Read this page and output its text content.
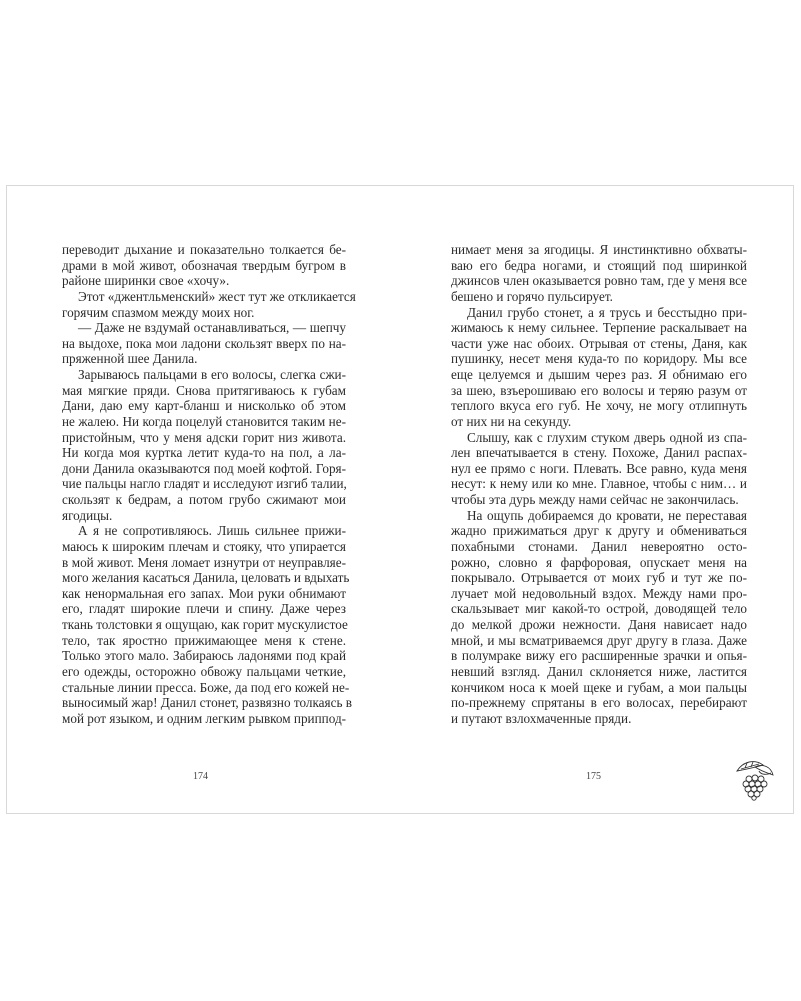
переводит дыхание и показательно толкается бе-
драми в мой живот, обозначая твердым бугром в
районе ширинки свое «хочу».
Этот «джентльменский» жест тут же откликается
горячим спазмом между моих ног.
— Даже не вздумай останавливаться, — шепчу
на выдохе, пока мои ладони скользят вверх по на-
пряженной шее Данила.
Зарываюсь пальцами в его волосы, слегка сжи-
мая мягкие пряди. Снова притягиваюсь к губам
Дани, даю ему карт-бланш и нисколько об этом
не жалею. Ни когда поцелуй становится таким не-
пристойным, что у меня адски горит низ живота.
Ни когда моя куртка летит куда-то на пол, а ла-
дони Данила оказываются под моей кофтой. Горя-
чие пальцы нагло гладят и исследуют изгиб талии,
скользят к бедрам, а потом грубо сжимают мои
ягодицы.
А я не сопротивляюсь. Лишь сильнее прижи-
маюсь к широким плечам и стояку, что упирается
в мой живот. Меня ломает изнутри от неуправляе-
мого желания касаться Данила, целовать и вдыхать
как ненормальная его запах. Мои руки обнимают
его, гладят широкие плечи и спину. Даже через
ткань толстовки я ощущаю, как горит мускулистое
тело, так яростно прижимающее меня к стене.
Только этого мало. Забираюсь ладонями под край
его одежды, осторожно обвожу пальцами четкие,
стальные линии пресса. Боже, да под его кожей не-
выносимый жар! Данил стонет, развязно толкаясь в
мой рот языком, и одним легким рывком приппод-
нимает меня за ягодицы. Я инстинктивно обхваты-
ваю его бедра ногами, и стоящий под ширинкой
джинсов член оказывается ровно там, где у меня все
бешено и горячо пульсирует.
Данил грубо стонет, а я трусь и бесстыдно при-
жимаюсь к нему сильнее. Терпение раскалывает на
части уже нас обоих. Отрывая от стены, Даня, как
пушинку, несет меня куда-то по коридору. Мы все
еще целуемся и дышим через раз. Я обнимаю его
за шею, взъерошиваю его волосы и теряю разум от
теплого вкуса его губ. Не хочу, не могу отлипнуть
от них ни на секунду.
Слышу, как с глухим стуком дверь одной из спа-
лен впечатывается в стену. Похоже, Данил распах-
нул ее прямо с ноги. Плевать. Все равно, куда меня
несут: к нему или ко мне. Главное, чтобы с ним… и
чтобы эта дурь между нами сейчас не закончилась.
На ощупь добираемся до кровати, не переставая
жадно прижиматься друг к другу и обмениваться
похабными стонами. Данил невероятно осто-
рожно, словно я фарфоровая, опускает меня на
покрывало. Отрывается от моих губ и тут же по-
лучает мой недовольный вздох. Между нами про-
скальзывает миг какой-то острой, доводящей тело
до мелкой дрожи нежности. Даня нависает надо
мной, и мы всматриваемся друг другу в глаза. Даже
в полумраке вижу его расширенные зрачки и опья-
невший взгляд. Данил склоняется ниже, ластится
кончиком носа к моей щеке и губам, а мои пальцы
по-прежнему спрятаны в его волосах, перебирают
и путают взлохмаченные пряди.
174	175
